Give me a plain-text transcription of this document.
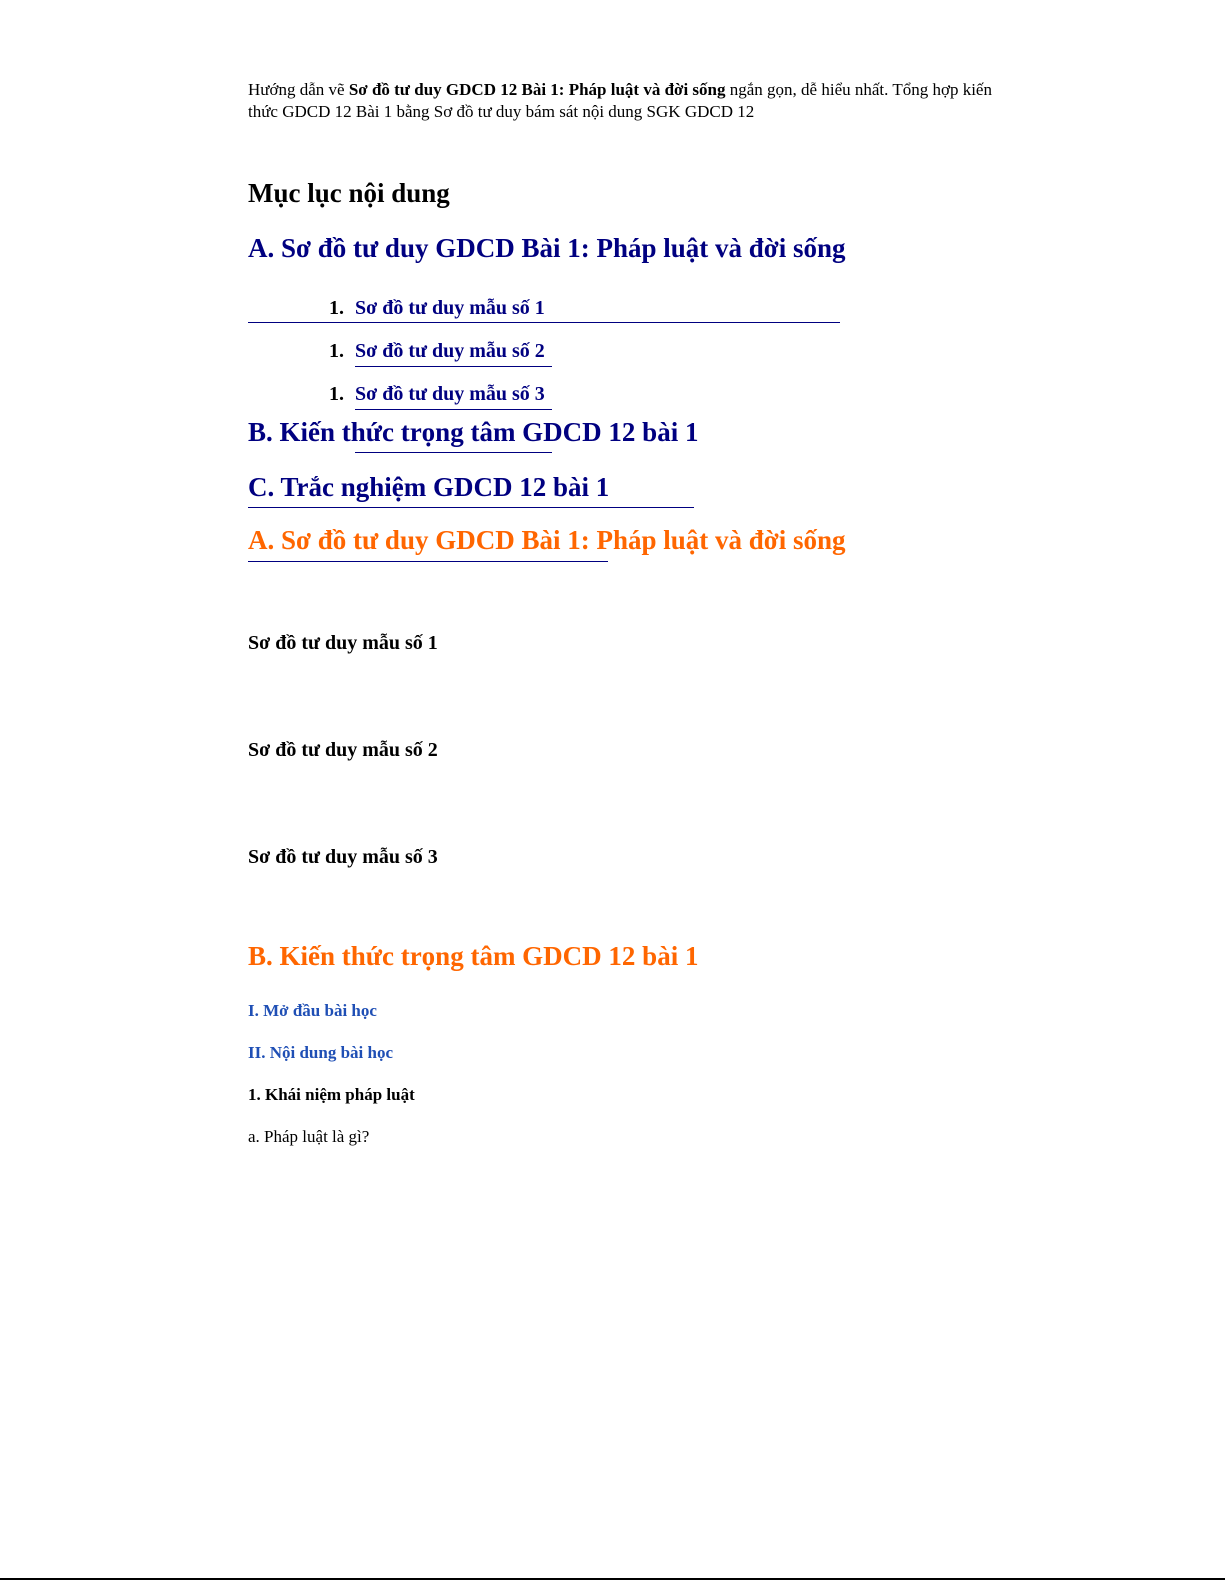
Hướng dẫn vẽ Sơ đồ tư duy GDCD 12 Bài 1: Pháp luật và đời sống ngắn gọn, dễ hiểu nhất. Tổng hợp kiến thức GDCD 12 Bài 1 bằng Sơ đồ tư duy bám sát nội dung SGK GDCD 12

Mục lục nội dung
A. Sơ đồ tư duy GDCD Bài 1: Pháp luật và đời sống
1. Sơ đồ tư duy mẫu số 1
1. Sơ đồ tư duy mẫu số 2
1. Sơ đồ tư duy mẫu số 3
B. Kiến thức trọng tâm GDCD 12 bài 1
C. Trắc nghiệm GDCD 12 bài 1
A. Sơ đồ tư duy GDCD Bài 1: Pháp luật và đời sống
Sơ đồ tư duy mẫu số 1
Sơ đồ tư duy mẫu số 2
Sơ đồ tư duy mẫu số 3
B. Kiến thức trọng tâm GDCD 12 bài 1
I. Mở đầu bài học
II. Nội dung bài học
1. Khái niệm pháp luật

a. Pháp luật là gì?
